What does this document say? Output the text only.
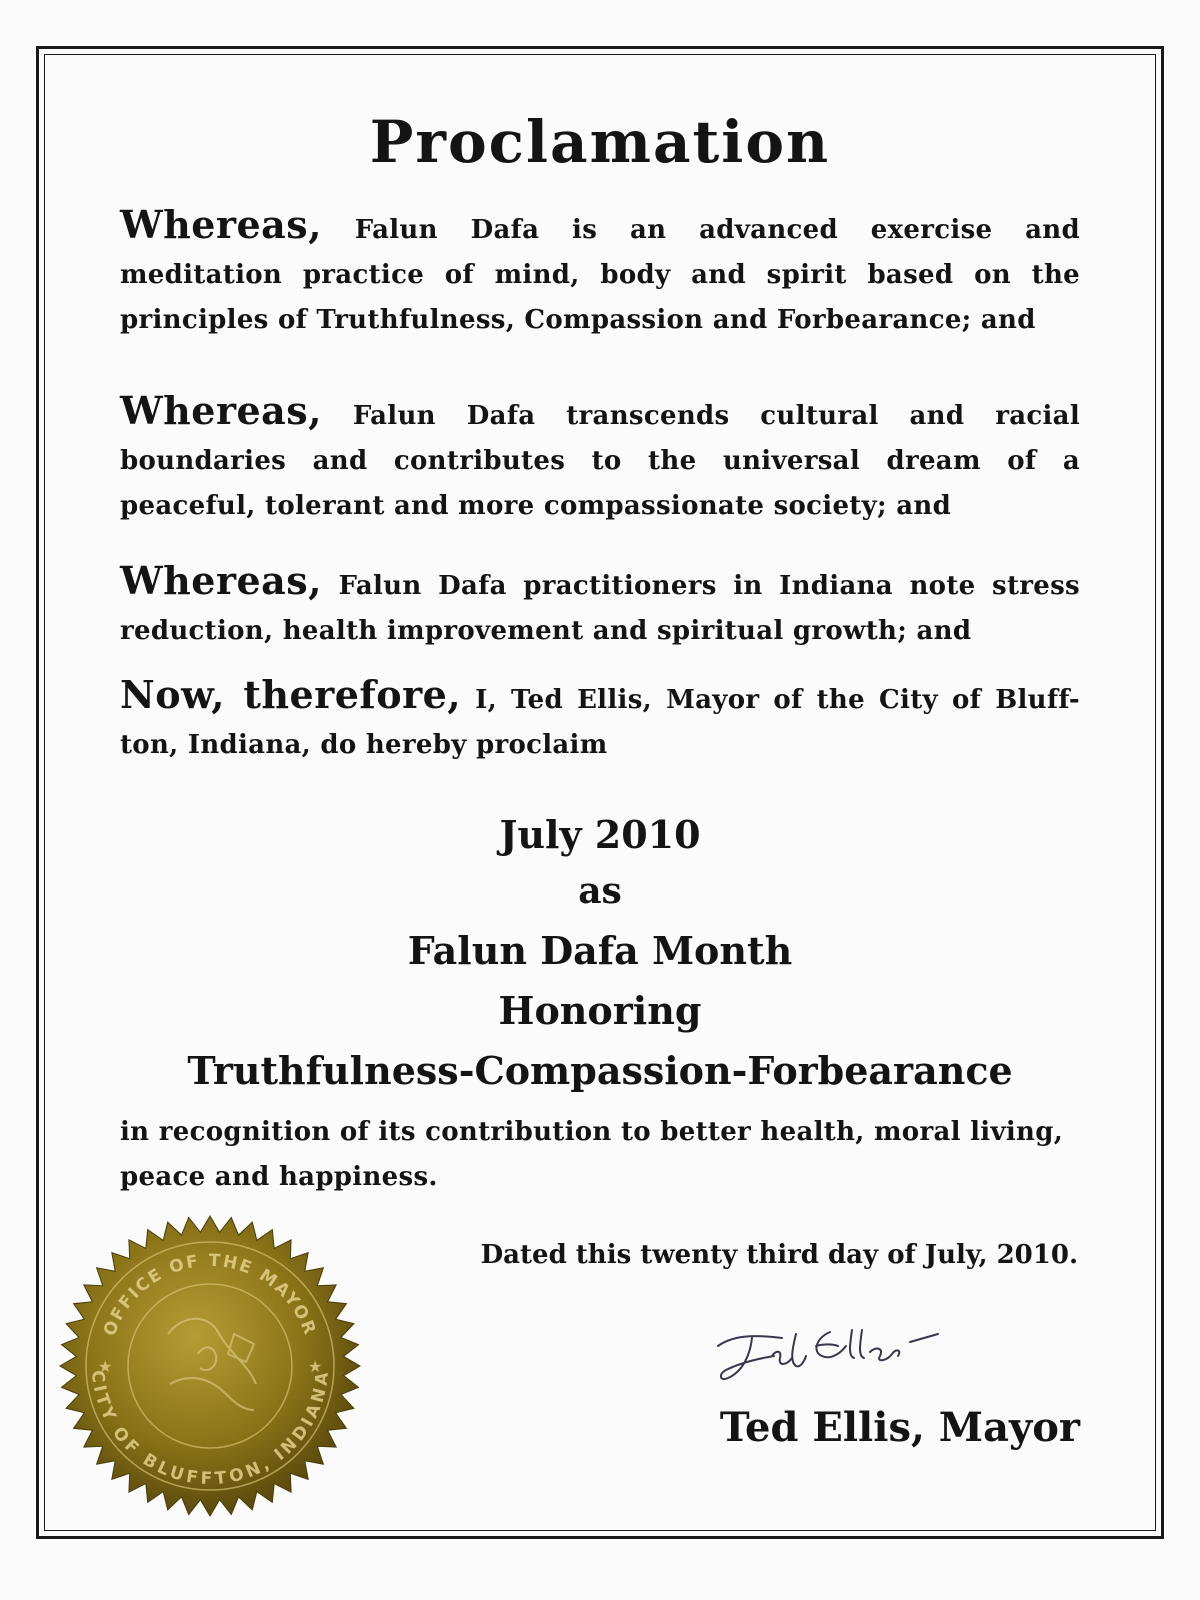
Proclamation
Whereas, Falun Dafa is an advanced exercise and meditation practice of mind, body and spirit based on the principles of Truthfulness, Compassion and Forbearance; and
Whereas, Falun Dafa transcends cultural and racial boundaries and contributes to the universal dream of a peaceful, tolerant and more compassionate society; and
Whereas, Falun Dafa practitioners in Indiana note stress reduction, health improvement and spiritual growth; and
Now, therefore, I, Ted Ellis, Mayor of the City of Bluff- ton, Indiana, do hereby proclaim
July 2010
as
Falun Dafa Month
Honoring
Truthfulness-Compassion-Forbearance
in recognition of its contribution to better health, moral living, peace and happiness.
Dated this twenty third day of July, 2010.
Ted Ellis, Mayor
OFFICE OF THE MAYOR
CITY OF BLUFFTON, INDIANA
★	★
